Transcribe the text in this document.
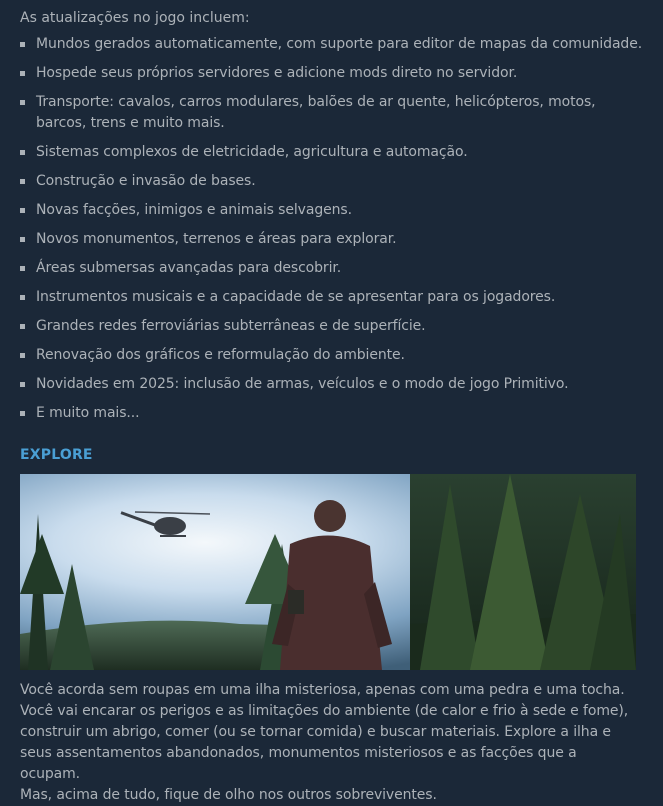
As atualizações no jogo incluem:

Mundos gerados automaticamente, com suporte para editor de mapas da comunidade.
Hospede seus próprios servidores e adicione mods direto no servidor.
Transporte: cavalos, carros modulares, balões de ar quente, helicópteros, motos, barcos, trens e muito mais.
Sistemas complexos de eletricidade, agricultura e automação.
Construção e invasão de bases.
Novas facções, inimigos e animais selvagens.
Novos monumentos, terrenos e áreas para explorar.
Áreas submersas avançadas para descobrir.
Instrumentos musicais e a capacidade de se apresentar para os jogadores.
Grandes redes ferroviárias subterrâneas e de superfície.
Renovação dos gráficos e reformulação do ambiente.
Novidades em 2025: inclusão de armas, veículos e o modo de jogo Primitivo.
E muito mais...
EXPLORE

Você acorda sem roupas em uma ilha misteriosa, apenas com uma pedra e uma tocha. Você vai encarar os perigos e as limitações do ambiente (de calor e frio à sede e fome), construir um abrigo, comer (ou se tornar comida) e buscar materiais. Explore a ilha e seus assentamentos abandonados, monumentos misteriosos e as facções que a ocupam.
Mas, acima de tudo, fique de olho nos outros sobreviventes.
